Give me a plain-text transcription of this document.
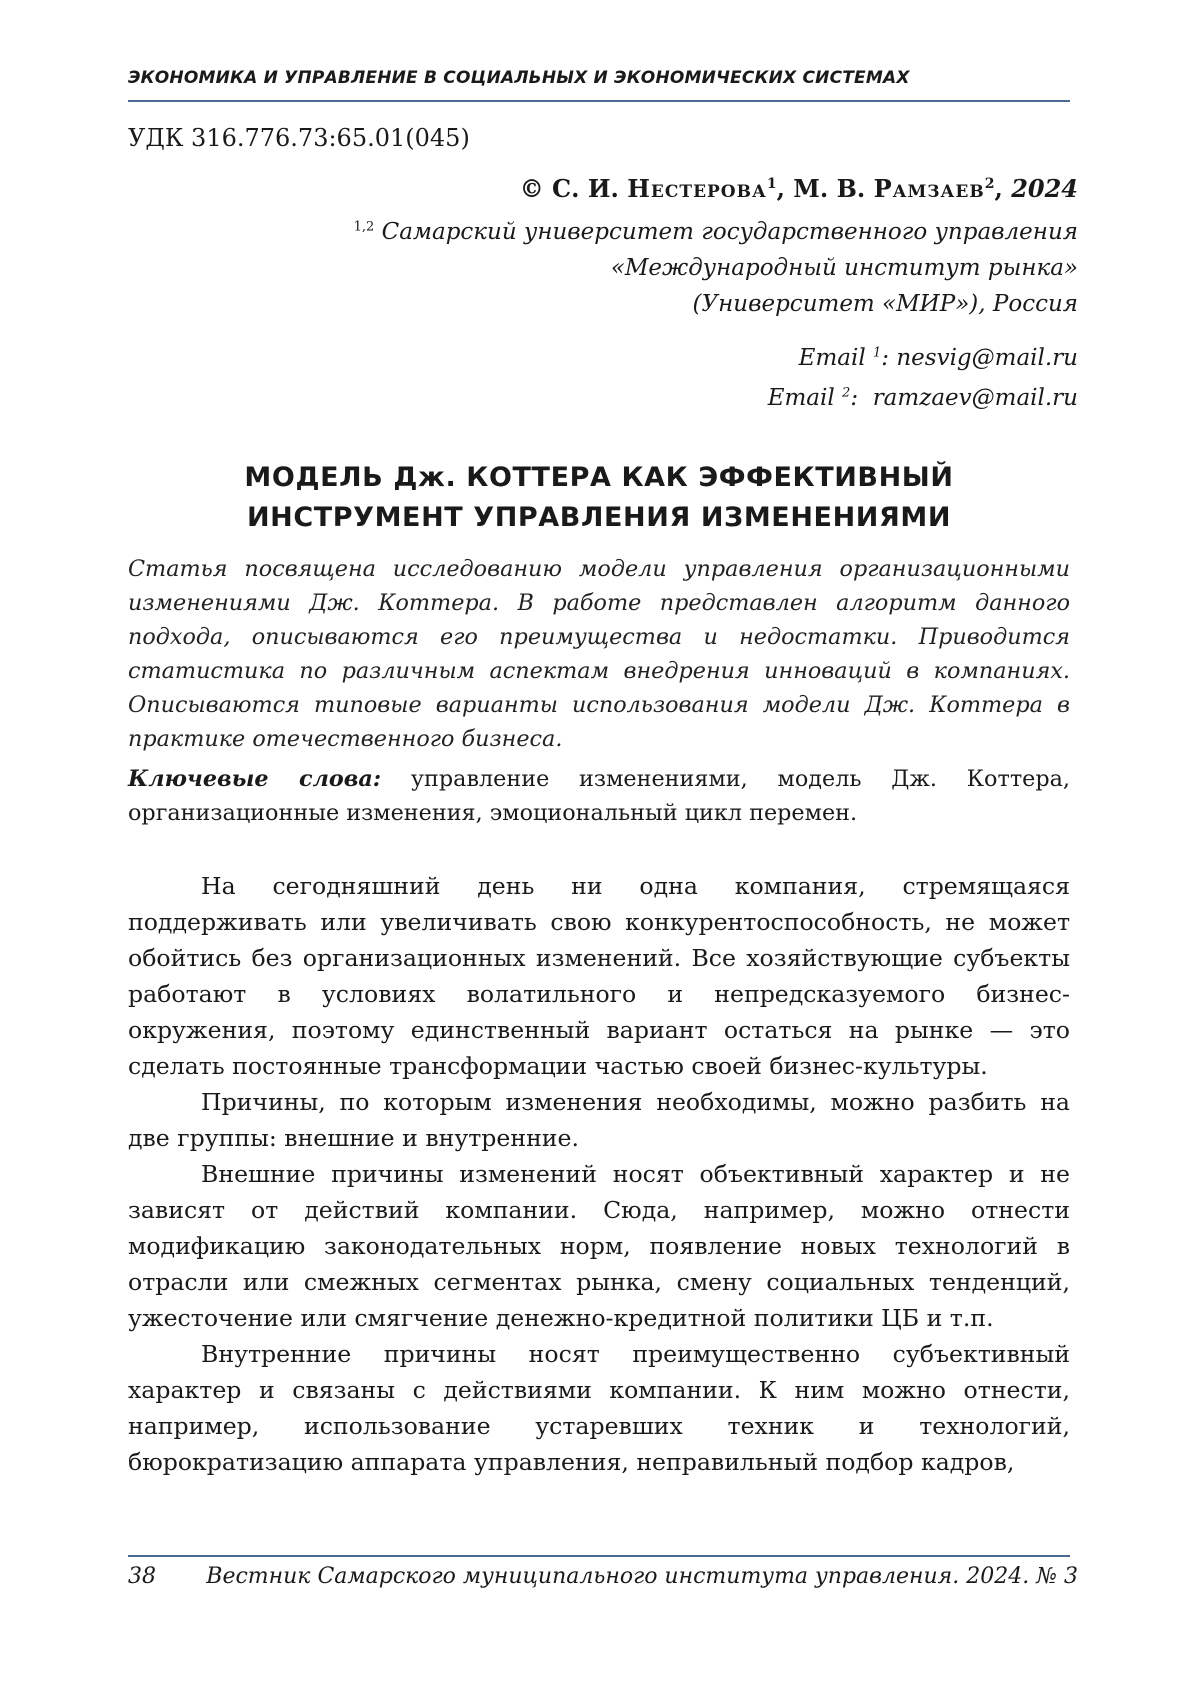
ЭКОНОМИКА И УПРАВЛЕНИЕ В СОЦИАЛЬНЫХ И ЭКОНОМИЧЕСКИХ СИСТЕМАХ
УДК 316.776.73:65.01(045)
© С. И. Нестерова1, М. В. Рамзаев2, 2024
1,2 Самарский университет государственного управления
«Международный институт рынка»
(Университет «МИР»), Россия
Email 1: nesvig@mail.ru
Email 2:  ramzaev@mail.ru
МОДЕЛЬ Дж. КОТТЕРА КАК ЭФФЕКТИВНЫЙ
ИНСТРУМЕНТ УПРАВЛЕНИЯ ИЗМЕНЕНИЯМИ
Статья посвящена исследованию модели управления организационными изменениями Дж. Коттера. В работе представлен алгоритм данного подхода, описываются его преимущества и недостатки. Приводится статистика по различным аспектам внедрения инноваций в компаниях. Описываются типовые варианты использования модели Дж. Коттера в практике отечественного бизнеса.
Ключевые слова: управление изменениями, модель Дж. Коттера, организационные изменения, эмоциональный цикл перемен.

На сегодняшний день ни одна компания, стремящаяся поддерживать или увеличивать свою конкурентоспособность, не может обойтись без организационных изменений. Все хозяйствующие субъекты работают в условиях волатильного и непредсказуемого бизнес-окружения, поэтому единственный вариант остаться на рынке — это сделать постоянные трансформации частью своей бизнес-культуры.

Причины, по которым изменения необходимы, можно разбить на две группы: внешние и внутренние.

Внешние причины изменений носят объективный характер и не зависят от действий компании. Сюда, например, можно отнести модификацию законодательных норм, появление новых технологий в отрасли или смежных сегментах рынка, смену социальных тенденций, ужесточение или смягчение денежно-кредитной политики ЦБ и т.п.

Внутренние причины носят преимущественно субъективный характер и связаны с действиями компании. К ним можно отнести, например, использование устаревших техник и технологий, бюрократизацию аппарата управления, неправильный подбор кадров,

38 Вестник Самарского муниципального института управления. 2024. № 3
